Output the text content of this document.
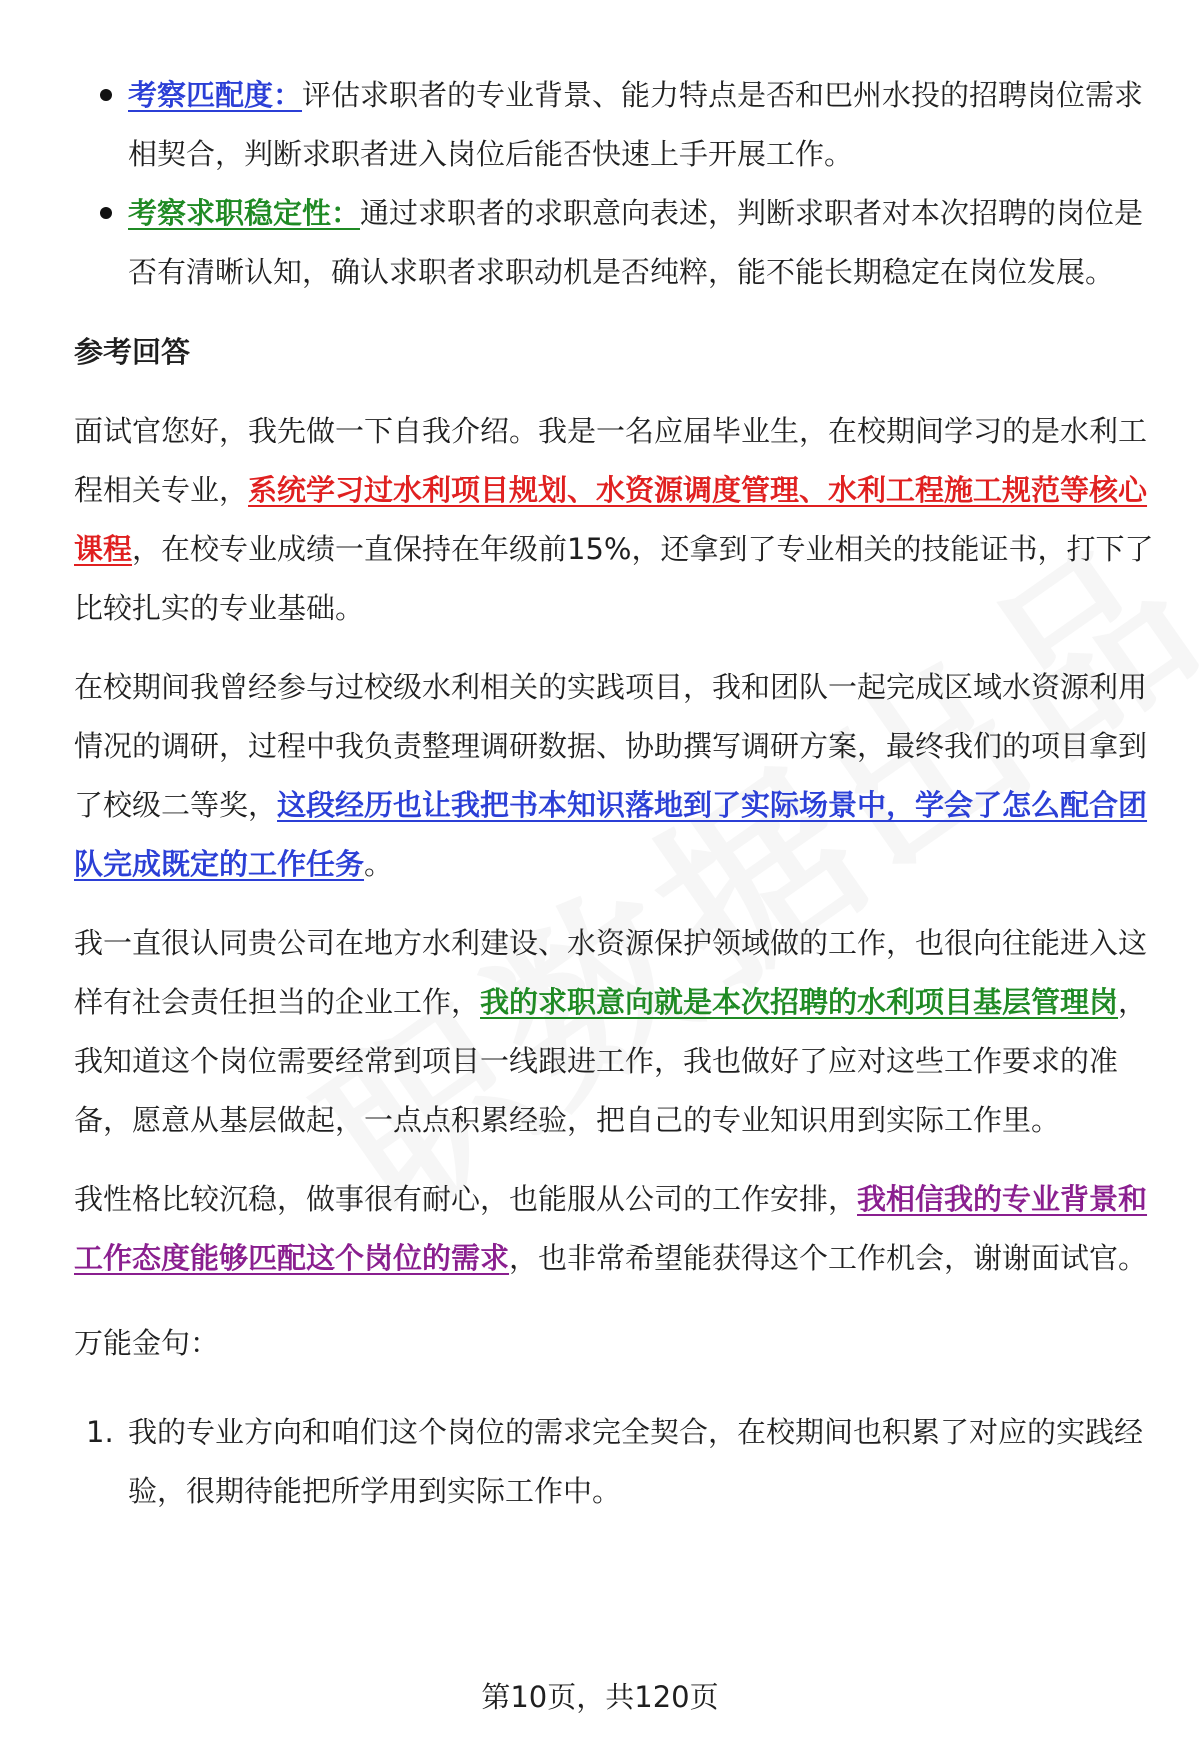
考察匹配度：评估求职者的专业背景、能力特点是否和巴州水投的招聘岗位需求相契合，判断求职者进入岗位后能否快速上手开展工作。
考察求职稳定性：通过求职者的求职意向表述，判断求职者对本次招聘的岗位是否有清晰认知，确认求职者求职动机是否纯粹，能不能长期稳定在岗位发展。

参考回答

面试官您好，我先做一下自我介绍。我是一名应届毕业生，在校期间学习的是水利工程相关专业，系统学习过水利项目规划、水资源调度管理、水利工程施工规范等核心课程，在校专业成绩一直保持在年级前15%，还拿到了专业相关的技能证书，打下了比较扎实的专业基础。

在校期间我曾经参与过校级水利相关的实践项目，我和团队一起完成区域水资源利用情况的调研，过程中我负责整理调研数据、协助撰写调研方案，最终我们的项目拿到了校级二等奖，这段经历也让我把书本知识落地到了实际场景中，学会了怎么配合团队完成既定的工作任务。

我一直很认同贵公司在地方水利建设、水资源保护领域做的工作，也很向往能进入这样有社会责任担当的企业工作，我的求职意向就是本次招聘的水利项目基层管理岗，我知道这个岗位需要经常到项目一线跟进工作，我也做好了应对这些工作要求的准备，愿意从基层做起，一点点积累经验，把自己的专业知识用到实际工作里。

我性格比较沉稳，做事很有耐心，也能服从公司的工作安排，我相信我的专业背景和工作态度能够匹配这个岗位的需求，也非常希望能获得这个工作机会，谢谢面试官。

万能金句：

1. 我的专业方向和咱们这个岗位的需求完全契合，在校期间也积累了对应的实践经验，很期待能把所学用到实际工作中。
第10页，共120页
